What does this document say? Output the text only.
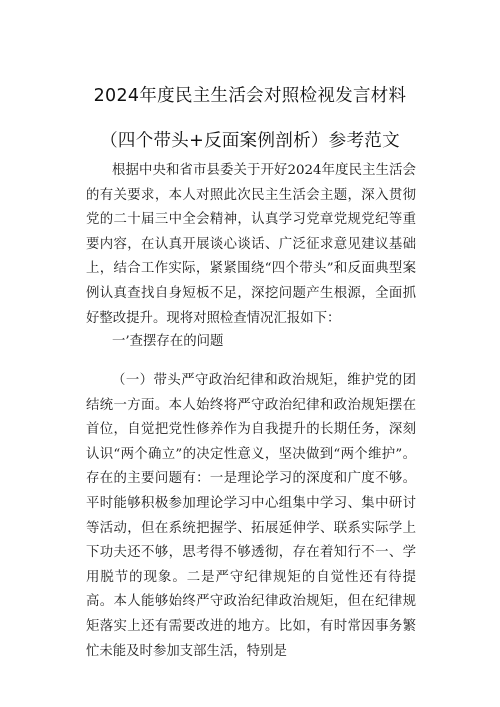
2024年度民主生活会对照检视发言材料
（四个带头+反面案例剖析）参考范文

根据中央和省市县委关于开好2024年度民主生活会的有关要求，本人对照此次民主生活会主题，深入贯彻党的二十届三中全会精神，认真学习党章党规党纪等重要内容，在认真开展谈心谈话、广泛征求意见建议基础上，结合工作实际，紧紧围绕“四个带头”和反面典型案例认真查找自身短板不足，深挖问题产生根源，全面抓好整改提升。现将对照检查情况汇报如下：

一’查摆存在的问题

（一）带头严守政治纪律和政治规矩，维护党的团结统一方面。本人始终将严守政治纪律和政治规矩摆在首位，自觉把党性修养作为自我提升的长期任务，深刻认识“两个确立”的决定性意义，坚决做到“两个维护”。存在的主要问题有：一是理论学习的深度和广度不够。平时能够积极参加理论学习中心组集中学习、集中研讨等活动，但在系统把握学、拓展延伸学、联系实际学上下功夫还不够，思考得不够透彻，存在着知行不一、学用脱节的现象。二是严守纪律规矩的自觉性还有待提高。本人能够始终严守政治纪律政治规矩，但在纪律规矩落实上还有需要改进的地方。比如，有时常因事务繁忙未能及时参加支部生活，特别是
